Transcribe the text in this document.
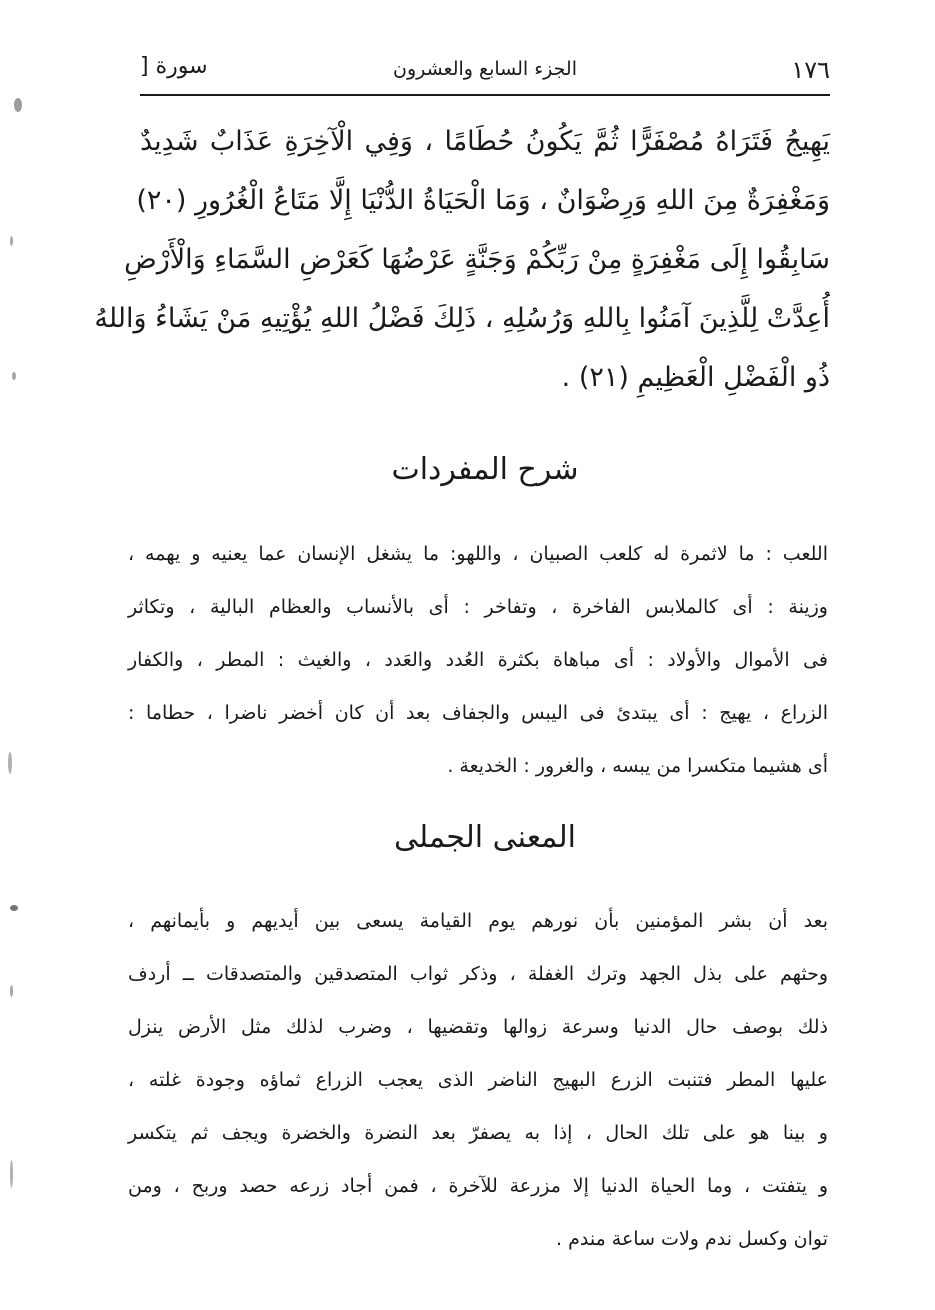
١٧٦
الجزء السابع والعشرون
سورة [
يَهِيجُ فَتَرَاهُ مُصْفَرًّا ثُمَّ يَكُونُ حُطَامًا ، وَفِي الْآخِرَةِ عَذَابٌ شَدِيدٌ
وَمَغْفِرَةٌ مِنَ اللهِ وَرِضْوَانٌ ، وَمَا الْحَيَاةُ الدُّنْيَا إِلَّا مَتَاعُ الْغُرُورِ (٢٠)
سَابِقُوا إِلَى مَغْفِرَةٍ مِنْ رَبِّكُمْ وَجَنَّةٍ عَرْضُهَا كَعَرْضِ السَّمَاءِ وَالْأَرْضِ
أُعِدَّتْ لِلَّذِينَ آمَنُوا بِاللهِ وَرُسُلِهِ ، ذَلِكَ فَضْلُ اللهِ يُؤْتِيهِ مَنْ يَشَاءُ وَاللهُ
ذُو الْفَضْلِ الْعَظِيمِ (٢١) .
شرح المفردات
اللعب : ما لاثمرة له كلعب الصبيان ، واللهو: ما يشغل الإنسان عما يعنيه و يهمه ،
وزينة : أى كالملابس الفاخرة ، وتفاخر : أى بالأنساب والعظام البالية ، وتكاثر
فى الأموال والأولاد : أى مباهاة بكثرة العُدد والعَدد ، والغيث : المطر ، والكفار
الزراع ، يهيج : أى يبتدئ فى اليبس والجفاف بعد أن كان أخضر ناضرا ، حطاما :
أى هشيما متكسرا من يبسه ، والغرور : الخديعة .
المعنى الجملى
بعد أن بشر المؤمنين بأن نورهم يوم القيامة يسعى بين أيديهم و بأيمانهم ،
وحثهم على بذل الجهد وترك الغفلة ، وذكر ثواب المتصدقين والمتصدقات ــ أردف
ذلك بوصف حال الدنيا وسرعة زوالها وتقضيها ، وضرب لذلك مثل الأرض ينزل
عليها المطر فتنبت الزرع البهيج الناضر الذى يعجب الزراع ثماؤه وجودة غلته ،
و بينا هو على تلك الحال ، إذا به يصفرّ بعد النضرة والخضرة ويجف ثم يتكسر
و يتفتت ، وما الحياة الدنيا إلا مزرعة للآخرة ، فمن أجاد زرعه حصد وربح ، ومن
توان وكسل ندم ولات ساعة مندم .
